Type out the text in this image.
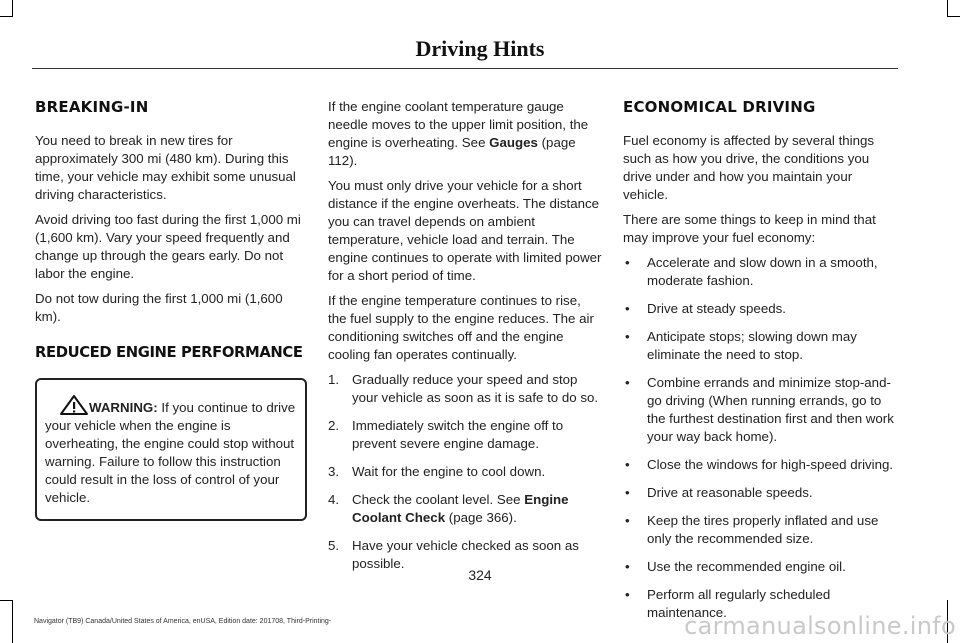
Driving Hints
BREAKING-IN

You need to break in new tires for approximately 300 mi (480 km). During this time, your vehicle may exhibit some unusual driving characteristics.

Avoid driving too fast during the first 1,000 mi (1,600 km). Vary your speed frequently and change up through the gears early. Do not labor the engine.

Do not tow during the first 1,000 mi (1,600 km).

REDUCED ENGINE PERFORMANCE
WARNING: If you continue to drive your vehicle when the engine is overheating, the engine could stop without warning. Failure to follow this instruction could result in the loss of control of your vehicle.

If the engine coolant temperature gauge needle moves to the upper limit position, the engine is overheating. See Gauges (page 112).

You must only drive your vehicle for a short distance if the engine overheats. The distance you can travel depends on ambient temperature, vehicle load and terrain. The engine continues to operate with limited power for a short period of time.

If the engine temperature continues to rise, the fuel supply to the engine reduces. The air conditioning switches off and the engine cooling fan operates continually.

1. Gradually reduce your speed and stop your vehicle as soon as it is safe to do so.
2. Immediately switch the engine off to prevent severe engine damage.
3. Wait for the engine to cool down.
4. Check the coolant level. See Engine Coolant Check (page 366).
5. Have your vehicle checked as soon as possible.
ECONOMICAL DRIVING

Fuel economy is affected by several things such as how you drive, the conditions you drive under and how you maintain your vehicle.

There are some things to keep in mind that may improve your fuel economy:

• Accelerate and slow down in a smooth, moderate fashion.
• Drive at steady speeds.
• Anticipate stops; slowing down may eliminate the need to stop.
• Combine errands and minimize stop-and-go driving (When running errands, go to the furthest destination first and then work your way back home).
• Close the windows for high-speed driving.
• Drive at reasonable speeds.
• Keep the tires properly inflated and use only the recommended size.
• Use the recommended engine oil.
• Perform all regularly scheduled maintenance.
324
Navigator (TB9) Canada/United States of America, enUSA, Edition date: 201708, Third-Printing-	carmanualsonline.info
